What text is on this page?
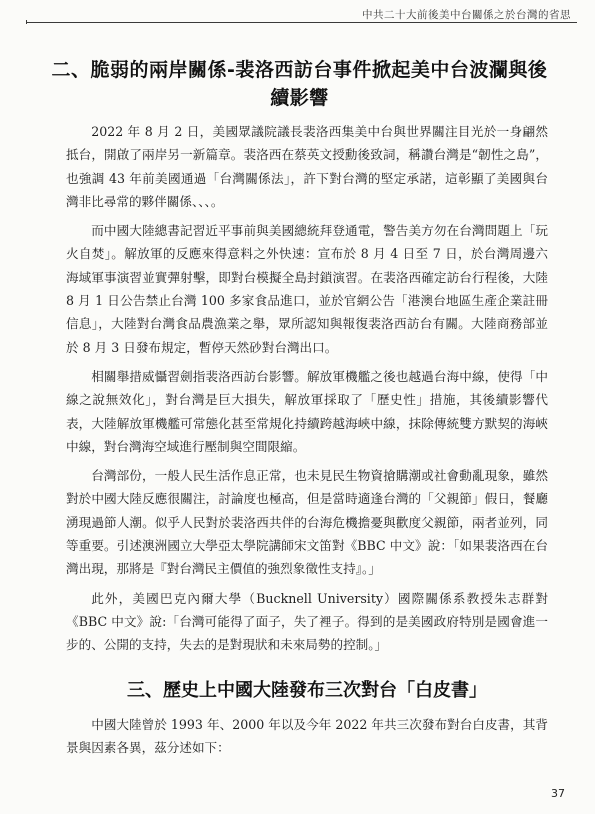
中共二十大前後美中台關係之於台灣的省思
二、脆弱的兩岸關係-裴洛西訪台事件掀起美中台波瀾與後續影響

2022 年 8 月 2 日，美國眾議院議長裴洛西集美中台與世界關注目光於一身翩然抵台，開啟了兩岸另一新篇章。裴洛西在蔡英文授勳後致詞，稱讚台灣是“韌性之島”，也強調 43 年前美國通過「台灣關係法」，許下對台灣的堅定承諾，這彰顯了美國與台灣非比尋常的夥伴關係、、、。

而中國大陸總書記習近平事前與美國總統拜登通電，警告美方勿在台灣問題上「玩火自焚」。解放軍的反應來得意料之外快速：宣布於 8 月 4 日至 7 日，於台灣周邊六海域軍事演習並實彈射擊，即對台模擬全島封鎖演習。在裴洛西確定訪台行程後，大陸 8 月 1 日公告禁止台灣 100 多家食品進口，並於官網公告「港澳台地區生產企業註冊信息」，大陸對台灣食品農漁業之舉，眾所認知與報復裴洛西訪台有關。大陸商務部並於 8 月 3 日發布規定，暫停天然砂對台灣出口。

相關舉措威懾習劍指裴洛西訪台影響。解放軍機艦之後也越過台海中線，使得「中線之說無效化」，對台灣是巨大損失，解放軍採取了「歷史性」措施，其後續影響代表，大陸解放軍機艦可常態化甚至常規化持續跨越海峽中線，抹除傳統雙方默契的海峽中線，對台灣海空域進行壓制與空間限縮。

台灣部份，一般人民生活作息正常，也未見民生物資搶購潮或社會動亂現象，雖然對於中國大陸反應很關注，討論度也極高，但是當時適逢台灣的「父親節」假日，餐廳湧現過節人潮。似乎人民對於裴洛西共伴的台海危機擔憂與歡度父親節，兩者並列，同等重要。引述澳洲國立大學亞太學院講師宋文笛對《BBC 中文》說：「如果裴洛西在台灣出現，那將是『對台灣民主價值的強烈象徵性支持』。」

此外，美國巴克內爾大學（Bucknell University）國際關係系教授朱志群對《BBC 中文》說:「台灣可能得了面子，失了裡子。得到的是美國政府特別是國會進一步的、公開的支持，失去的是對現狀和未來局勢的控制。」

三、歷史上中國大陸發布三次對台「白皮書」

中國大陸曾於 1993 年、2000 年以及今年 2022 年共三次發布對台白皮書，其背景與因素各異，茲分述如下：

37
